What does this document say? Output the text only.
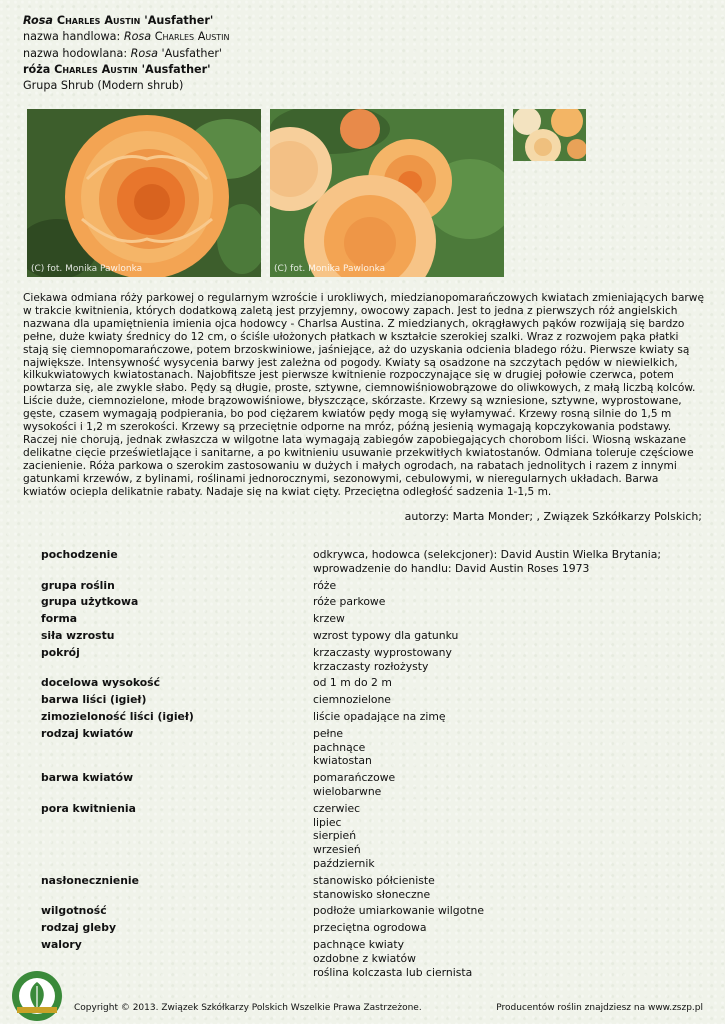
Rosa Charles Austin 'Ausfather'
nazwa handlowa: Rosa Charles Austin
nazwa hodowlana: Rosa 'Ausfather'
róża Charles Austin 'Ausfather'
Grupa Shrub (Modern shrub)
(C) fot. Monika Pawlonka	(C) fot. Monika Pawlonka
Ciekawa odmiana róży parkowej o regularnym wzroście i urokliwych, miedzianopomarańczowych kwiatach zmieniających barwę w trakcie kwitnienia, których dodatkową zaletą jest przyjemny, owocowy zapach. Jest to jedna z pierwszych róż angielskich nazwana dla upamiętnienia imienia ojca hodowcy - Charlsa Austina. Z miedzianych, okrągławych pąków rozwijają się bardzo pełne, duże kwiaty średnicy do 12 cm, o ściśle ułożonych płatkach w kształcie szerokiej szalki. Wraz z rozwojem pąka płatki stają się ciemnopomarańczowe, potem brzoskwiniowe, jaśniejące, aż do uzyskania odcienia bladego różu. Pierwsze kwiaty są największe. Intensywność wysycenia barwy jest zależna od pogody. Kwiaty są osadzone na szczytach pędów w niewielkich, kilkukwiatowych kwiatostanach. Najobfitsze jest pierwsze kwitnienie rozpoczynające się w drugiej połowie czerwca, potem powtarza się, ale zwykle słabo. Pędy są długie, proste, sztywne, ciemnowiśniowobrązowe do oliwkowych, z małą liczbą kolców. Liście duże, ciemnozielone, młode brązowowiśniowe, błyszczące, skórzaste. Krzewy są wzniesione, sztywne, wyprostowane, gęste, czasem wymagają podpierania, bo pod ciężarem kwiatów pędy mogą się wyłamywać. Krzewy rosną silnie do 1,5 m wysokości i 1,2 m szerokości. Krzewy są przeciętnie odporne na mróz, późną jesienią wymagają kopczykowania podstawy. Raczej nie chorują, jednak zwłaszcza w wilgotne lata wymagają zabiegów zapobiegających chorobom liści. Wiosną wskazane delikatne cięcie prześwietlające i sanitarne, a po kwitnieniu usuwanie przekwitłych kwiatostanów. Odmiana toleruje częściowe zacienienie. Róża parkowa o szerokim zastosowaniu w dużych i małych ogrodach, na rabatach jednolitych i razem z innymi gatunkami krzewów, z bylinami, roślinami jednorocznymi, sezonowymi, cebulowymi, w nieregularnych układach. Barwa kwiatów ociepla delikatnie rabaty. Nadaje się na kwiat cięty. Przeciętna odległość sadzenia 1-1,5 m.
autorzy: Marta Monder; , Związek Szkółkarzy Polskich;
pochodzenie	odkrywca, hodowca (selekcjoner): David Austin Wielka Brytania;
wprowadzenie do handlu: David Austin Roses 1973
grupa roślin	róże
grupa użytkowa	róże parkowe
forma	krzew
siła wzrostu	wzrost typowy dla gatunku
pokrój	krzaczasty wyprostowany
krzaczasty rozłożysty
docelowa wysokość	od 1 m do 2 m
barwa liści (igieł)	ciemnozielone
zimozieloność liści (igieł)	liście opadające na zimę
rodzaj kwiatów	pełne
pachnące
kwiatostan
barwa kwiatów	pomarańczowe
wielobarwne
pora kwitnienia	czerwiec
lipiec
sierpień
wrzesień
październik
nasłonecznienie	stanowisko półcieniste
stanowisko słoneczne
wilgotność	podłoże umiarkowanie wilgotne
rodzaj gleby	przeciętna ogrodowa
walory	pachnące kwiaty
ozdobne z kwiatów
roślina kolczasta lub ciernista
Copyright © 2013. Związek Szkółkarzy Polskich Wszelkie Prawa Zastrzeżone.	Producentów roślin znajdziesz na www.zszp.pl
